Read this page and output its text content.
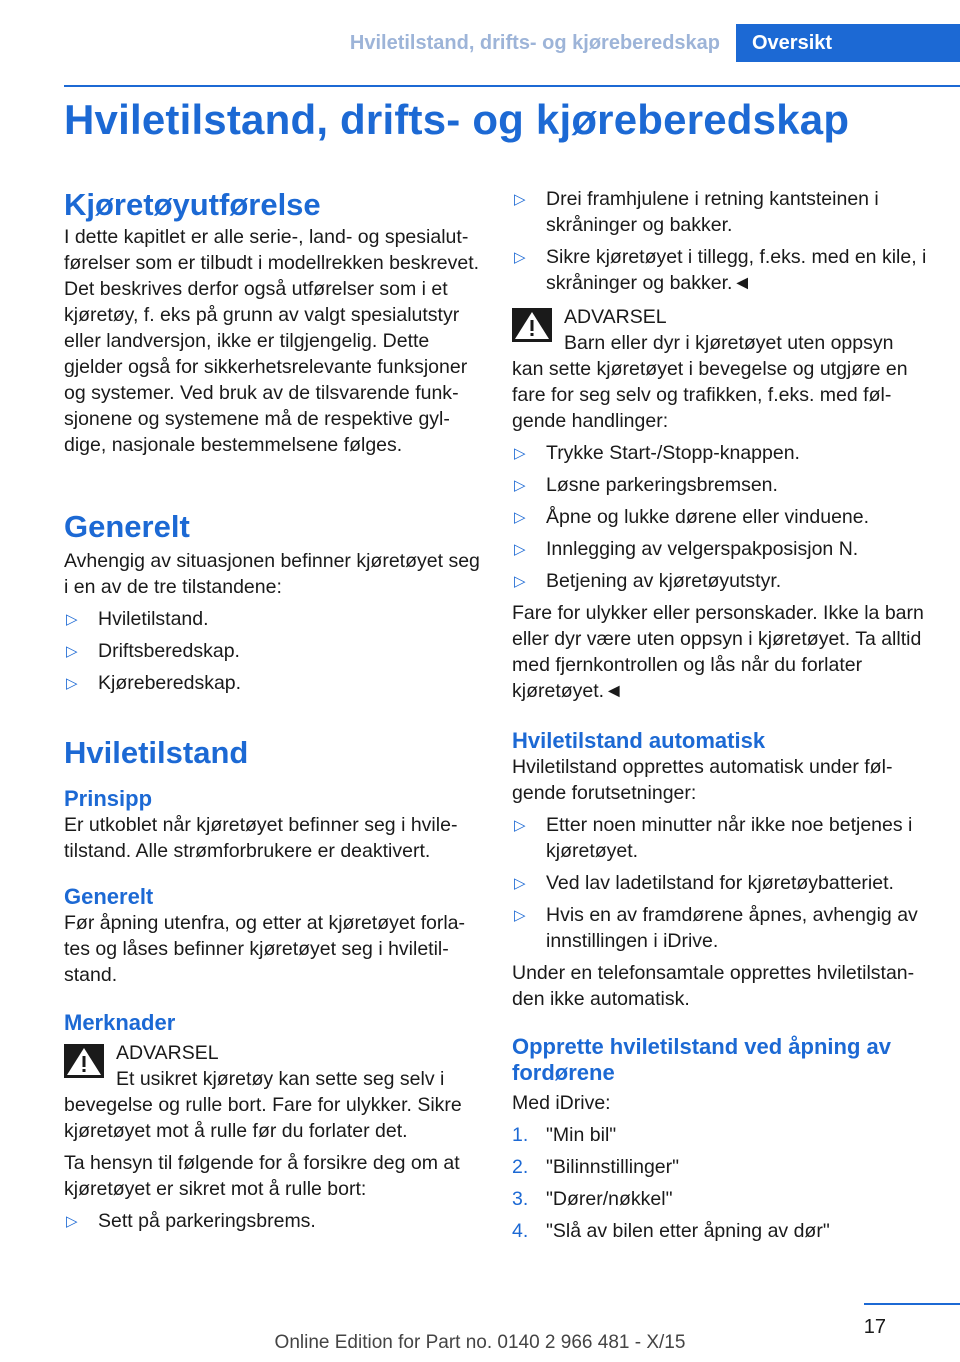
Hviletilstand, drifts- og kjøreberedskap	Oversikt
Hviletilstand, drifts- og kjøreberedskap
Kjøretøyutførelse

I dette kapitlet er alle serie-, land- og spesialutførelser som er tilbudt i modellrekken beskrevet. Det beskrives derfor også utførelser som i et kjøretøy, f. eks på grunn av valgt spesialutstyr eller landversjon, ikke er tilgjengelig. Dette gjelder også for sikkerhetsrelevante funksjoner og systemer. Ved bruk av de tilsvarende funksjonene og systemene må de respektive gyldige, nasjonale bestemmelsene følges.

Generelt

Avhengig av situasjonen befinner kjøretøyet seg i en av de tre tilstandene:

▷ Hviletilstand.
▷ Driftsberedskap.
▷ Kjøreberedskap.
Hviletilstand
Prinsipp

Er utkoblet når kjøretøyet befinner seg i hviletilstand. Alle strømforbrukere er deaktivert.

Generelt

Før åpning utenfra, og etter at kjøretøyet forlates og låses befinner kjøretøyet seg i hviletilstand.

Merknader
ADVARSEL
Et usikret kjøretøy kan sette seg selv i

bevegelse og rulle bort. Fare for ulykker. Sikre kjøretøyet mot å rulle før du forlater det.

Ta hensyn til følgende for å forsikre deg om at kjøretøyet er sikret mot å rulle bort:

▷ Sett på parkeringsbrems.
▷ Drei framhjulene i retning kantsteinen i skråninger og bakker.
▷ Sikre kjøretøyet i tillegg, f.eks. med en kile, i skråninger og bakker.◄
ADVARSEL
Barn eller dyr i kjøretøyet uten oppsyn

kan sette kjøretøyet i bevegelse og utgjøre en fare for seg selv og trafikken, f.eks. med følgende handlinger:

▷ Trykke Start-/Stopp-knappen.
▷ Løsne parkeringsbremsen.
▷ Åpne og lukke dørene eller vinduene.
▷ Innlegging av velgerspakposisjon N.
▷ Betjening av kjøretøyutstyr.

Fare for ulykker eller personskader. Ikke la barn eller dyr være uten oppsyn i kjøretøyet. Ta alltid med fjernkontrollen og lås når du forlater kjøretøyet.◄

Hviletilstand automatisk

Hviletilstand opprettes automatisk under følgende forutsetninger:

▷ Etter noen minutter når ikke noe betjenes i kjøretøyet.
▷ Ved lav ladetilstand for kjøretøybatteriet.
▷ Hvis en av framdørene åpnes, avhengig av innstillingen i iDrive.

Under en telefonsamtale opprettes hviletilstanden ikke automatisk.

Opprette hviletilstand ved åpning av fordørene

Med iDrive:

1. "Min bil"
2. "Bilinnstillinger"
3. "Dører/nøkkel"
4. "Slå av bilen etter åpning av dør"
17
Online Edition for Part no. 0140 2 966 481 - X/15
